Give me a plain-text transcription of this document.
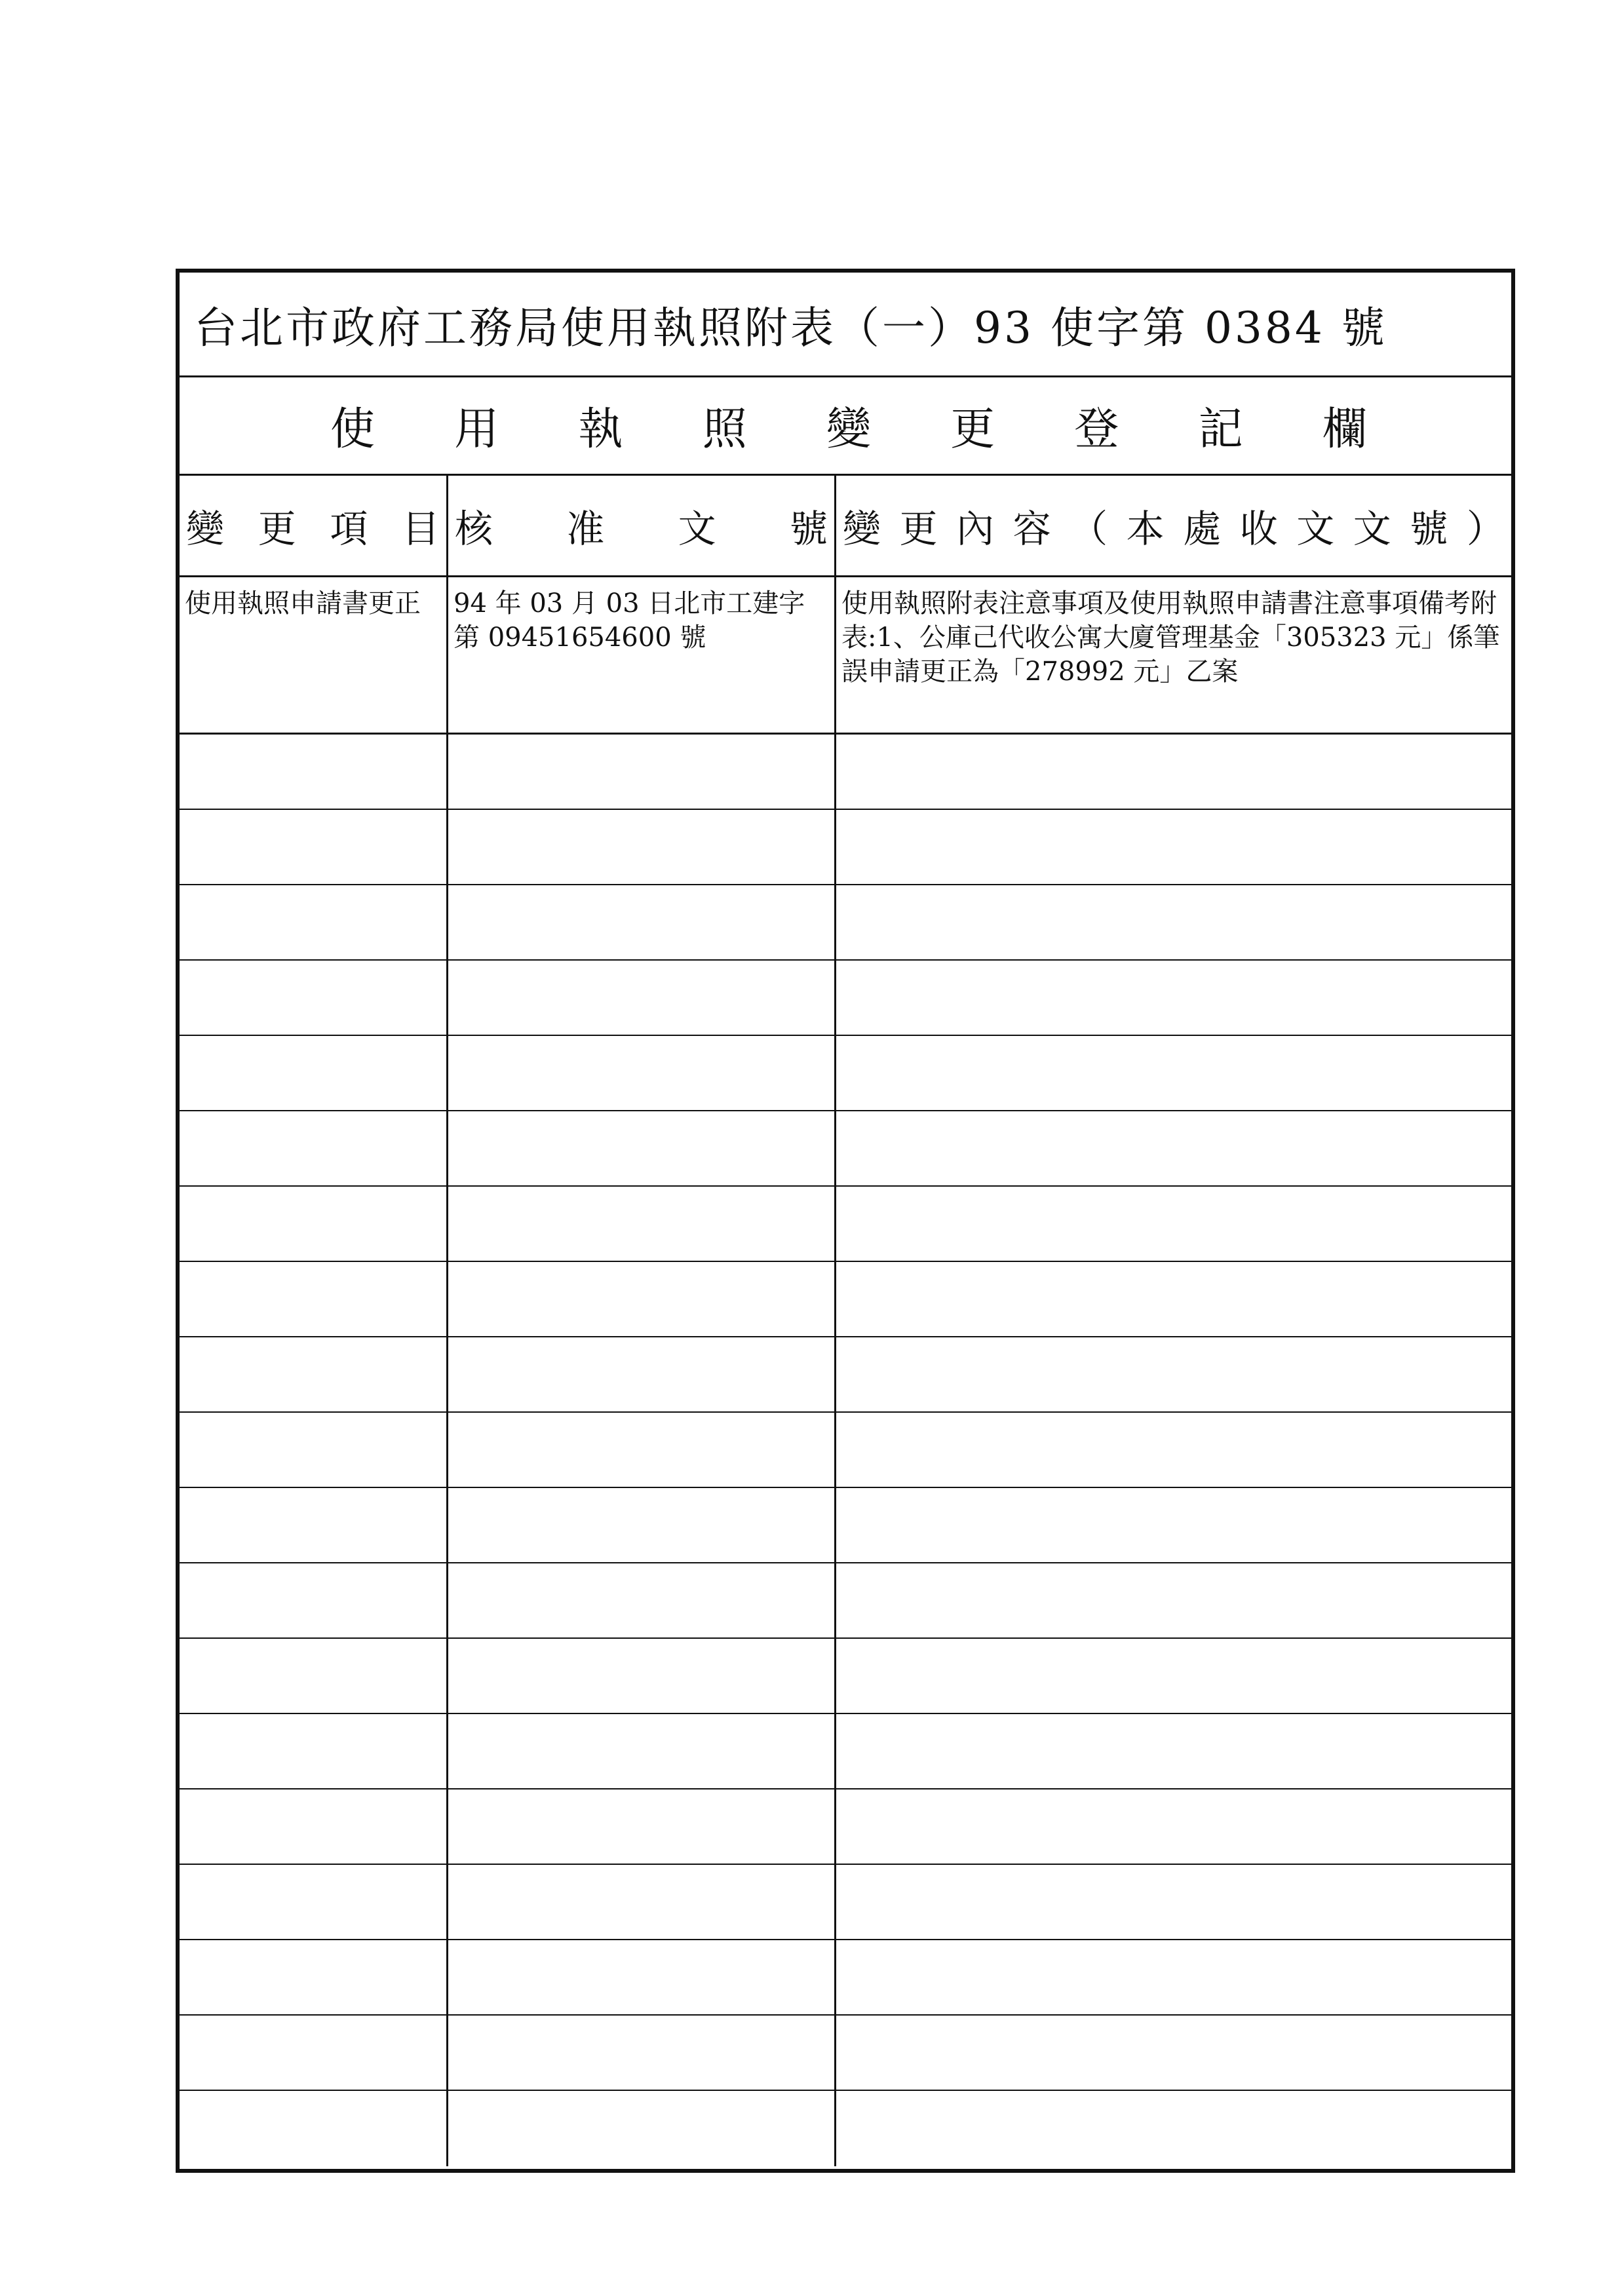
台北市政府工務局使用執照附表（一）93 使字第 0384 號
使 用 執 照 變 更 登 記 欄
變 更 項 目 核 准 文 號 變 更 內 容 （ 本 處 收 文 文 號 ）
使用執照申請書更正	94 年 03 月 03 日北市工建字第 09451654600 號
使用執照附表注意事項及使用執照申請書注意事項備考附表:1、公庫己代收公寓大廈管理基金「305323 元」係筆誤申請更正為「278992 元」乙案
